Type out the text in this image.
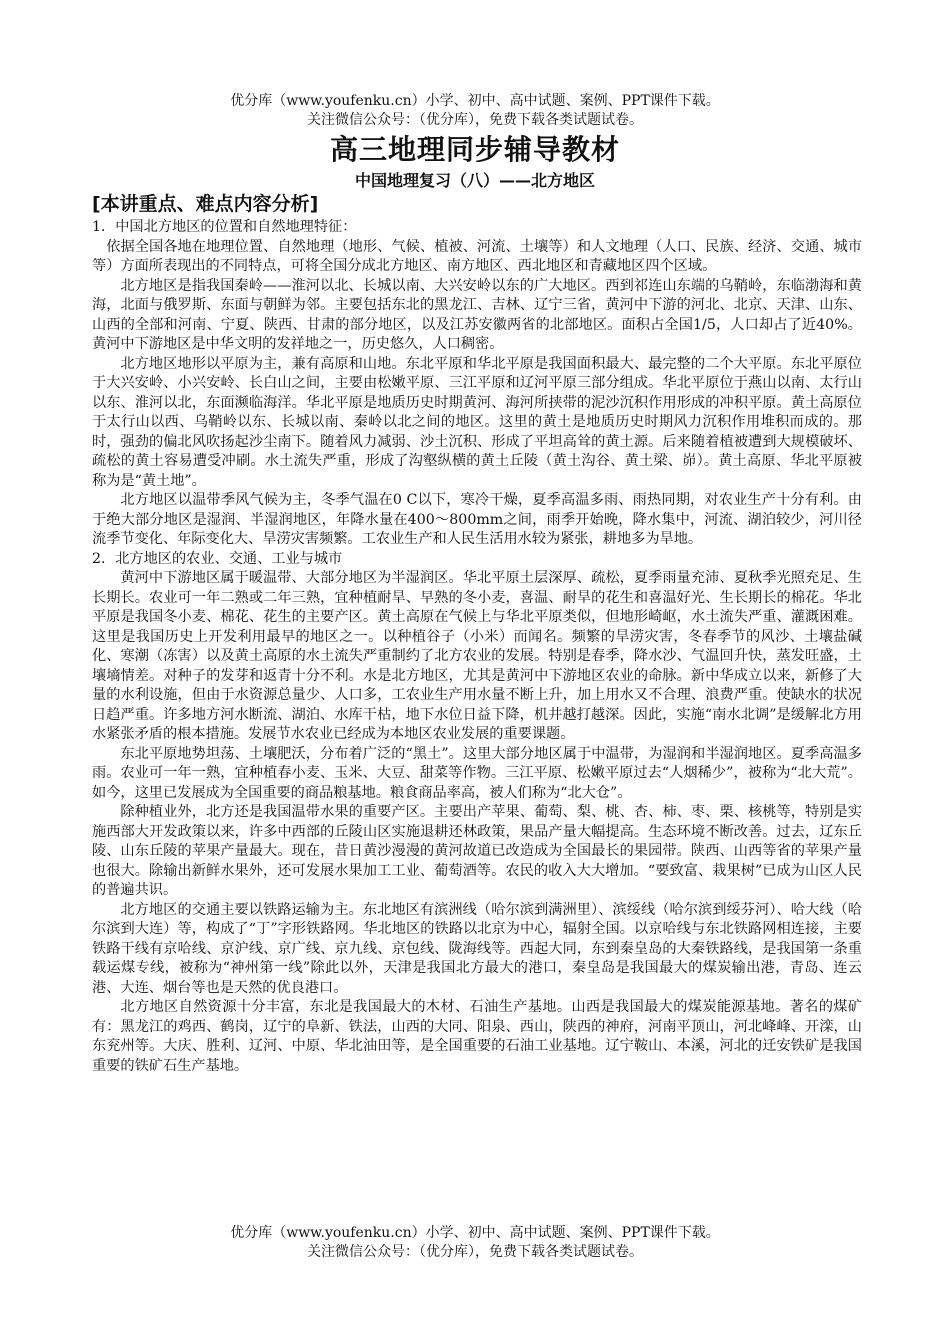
优分库（www.youfenku.cn）小学、初中、高中试题、案例、PPT课件下载。
关注微信公众号：（优分库），免费下载各类试题试卷。
高三地理同步辅导教材
中国地理复习（八）——北方地区
[本讲重点、难点内容分析]

1．中国北方地区的位置和自然地理特征：

依据全国各地在地理位置、自然地理（地形、气候、植被、河流、土壤等）和人文地理（人口、民族、经济、交通、城市等）方面所表现出的不同特点，可将全国分成北方地区、南方地区、西北地区和青藏地区四个区域。

北方地区是指我国秦岭——淮河以北、长城以南、大兴安岭以东的广大地区。西到祁连山东端的乌鞘岭，东临渤海和黄海，北面与俄罗斯、东面与朝鲜为邻。主要包括东北的黑龙江、吉林、辽宁三省，黄河中下游的河北、北京、天津、山东、山西的全部和河南、宁夏、陕西、甘肃的部分地区，以及江苏安徽两省的北部地区。面积占全国1/5，人口却占了近40%。黄河中下游地区是中华文明的发祥地之一，历史悠久，人口稠密。

北方地区地形以平原为主，兼有高原和山地。东北平原和华北平原是我国面积最大、最完整的二个大平原。东北平原位于大兴安岭、小兴安岭、长白山之间，主要由松嫩平原、三江平原和辽河平原三部分组成。华北平原位于燕山以南、太行山以东、淮河以北，东面濒临海洋。华北平原是地质历史时期黄河、海河所挟带的泥沙沉积作用形成的冲积平原。黄土高原位于太行山以西、乌鞘岭以东、长城以南、秦岭以北之间的地区。这里的黄土是地质历史时期风力沉积作用堆积而成的。那时，强劲的偏北风吹扬起沙尘南下。随着风力减弱、沙土沉积、形成了平坦高耸的黄土源。后来随着植被遭到大规模破坏、疏松的黄土容易遭受冲刷。水土流失严重，形成了沟壑纵横的黄土丘陵（黄土沟谷、黄土梁、峁）。黄土高原、华北平原被称为是“黄土地”。

北方地区以温带季风气候为主，冬季气温在0 C以下，寒冷干燥，夏季高温多雨、雨热同期，对农业生产十分有利。由于绝大部分地区是湿润、半湿润地区，年降水量在400～800mm之间，雨季开始晚，降水集中，河流、湖泊较少，河川径流季节变化、年际变化大、旱涝灾害频繁。工农业生产和人民生活用水较为紧张，耕地多为旱地。

2．北方地区的农业、交通、工业与城市

黄河中下游地区属于暖温带、大部分地区为半湿润区。华北平原土层深厚、疏松，夏季雨量充沛、夏秋季光照充足、生长期长。农业可一年二熟或二年三熟，宜种植耐旱、早熟的冬小麦，喜温、耐旱的花生和喜温好光、生长期长的棉花。华北平原是我国冬小麦、棉花、花生的主要产区。黄土高原在气候上与华北平原类似，但地形崎岖，水土流失严重、灌溉困难。这里是我国历史上开发利用最早的地区之一。以种植谷子（小米）而闻名。频繁的旱涝灾害，冬春季节的风沙、土壤盐碱化、寒潮（冻害）以及黄土高原的水土流失严重制约了北方农业的发展。特别是春季，降水沙、气温回升快，蒸发旺盛，土壤墒情差。对种子的发芽和返青十分不利。水是北方地区，尤其是黄河中下游地区农业的命脉。新中华成立以来，新修了大量的水利设施，但由于水资源总量少、人口多，工农业生产用水量不断上升，加上用水又不合理、浪费严重。使缺水的状况日趋严重。许多地方河水断流、湖泊、水库干枯，地下水位日益下降，机井越打越深。因此，实施“南水北调”是缓解北方用水紧张矛盾的根本措施。发展节水农业已经成为本地区农业发展的重要课题。

东北平原地势坦荡、土壤肥沃，分布着广泛的“黑土”。这里大部分地区属于中温带，为湿润和半湿润地区。夏季高温多雨。农业可一年一熟，宜种植春小麦、玉米、大豆、甜菜等作物。三江平原、松嫩平原过去“人烟稀少”，被称为“北大荒”。如今，这里已发展成为全国重要的商品粮基地。粮食商品率高，被人们称为“北大仓”。

除种植业外，北方还是我国温带水果的重要产区。主要出产苹果、葡萄、梨、桃、杏、柿、枣、栗、核桃等，特别是实施西部大开发政策以来，许多中西部的丘陵山区实施退耕还林政策，果品产量大幅提高。生态环境不断改善。过去，辽东丘陵、山东丘陵的苹果产量最大。现在，昔日黄沙漫漫的黄河故道已改造成为全国最长的果园带。陕西、山西等省的苹果产量也很大。除输出新鲜水果外，还可发展水果加工工业、葡萄酒等。农民的收入大大增加。“要致富、栽果树”已成为山区人民的普遍共识。

北方地区的交通主要以铁路运输为主。东北地区有滨洲线（哈尔滨到满洲里）、滨绥线（哈尔滨到绥芬河）、哈大线（哈尔滨到大连）等，构成了“丁”字形铁路网。华北地区的铁路以北京为中心，辐射全国。以京哈线与东北铁路网相连接，主要铁路干线有京哈线、京沪线、京广线、京九线、京包线、陇海线等。西起大同，东到秦皇岛的大秦铁路线，是我国第一条重载运煤专线，被称为“神州第一线”除此以外，天津是我国北方最大的港口，秦皇岛是我国最大的煤炭输出港，青岛、连云港、大连、烟台等也是天然的优良港口。

北方地区自然资源十分丰富，东北是我国最大的木材、石油生产基地。山西是我国最大的煤炭能源基地。著名的煤矿有：黑龙江的鸡西、鹤岗，辽宁的阜新、铁法，山西的大同、阳泉、西山，陕西的神府，河南平顶山，河北峰峰、开滦，山东兖州等。大庆、胜利、辽河、中原、华北油田等，是全国重要的石油工业基地。辽宁鞍山、本溪，河北的迁安铁矿是我国重要的铁矿石生产基地。

优分库（www.youfenku.cn）小学、初中、高中试题、案例、PPT课件下载。
关注微信公众号：（优分库），免费下载各类试题试卷。
